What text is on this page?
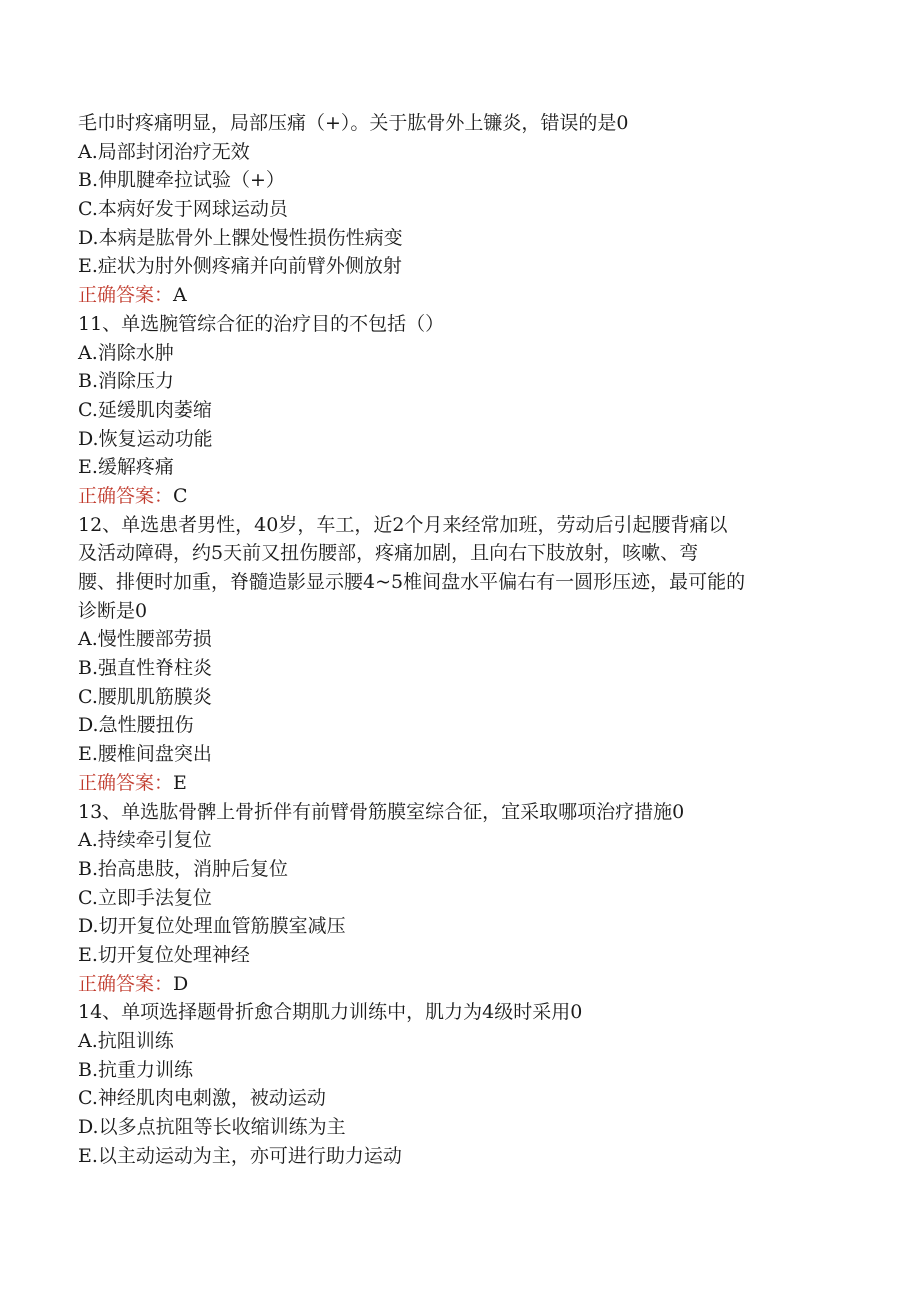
毛巾时疼痛明显，局部压痛（+）。关于肱骨外上镰炎，错误的是0
A.局部封闭治疗无效
B.伸肌腱牵拉试验（+）
C.本病好发于网球运动员
D.本病是肱骨外上髁处慢性损伤性病变
E.症状为肘外侧疼痛并向前臂外侧放射
正确答案：A
11、单选腕管综合征的治疗目的不包括（）
A.消除水肿
B.消除压力
C.延缓肌肉萎缩
D.恢复运动功能
E.缓解疼痛
正确答案：C
12、单选患者男性，40岁，车工，近2个月来经常加班，劳动后引起腰背痛以
及活动障碍，约5天前又扭伤腰部，疼痛加剧，且向右下肢放射，咳嗽、弯
腰、排便时加重，脊髓造影显示腰4~5椎间盘水平偏右有一圆形压迹，最可能的
诊断是0
A.慢性腰部劳损
B.强直性脊柱炎
C.腰肌肌筋膜炎
D.急性腰扭伤
E.腰椎间盘突出
正确答案：E
13、单选肱骨髀上骨折伴有前臂骨筋膜室综合征，宜采取哪项治疗措施0
A.持续牵引复位
B.抬高患肢，消肿后复位
C.立即手法复位
D.切开复位处理血管筋膜室减压
E.切开复位处理神经
正确答案：D
14、单项选择题骨折愈合期肌力训练中，肌力为4级时采用0
A.抗阻训练
B.抗重力训练
C.神经肌肉电刺激，被动运动
D.以多点抗阻等长收缩训练为主
E.以主动运动为主，亦可进行助力运动
